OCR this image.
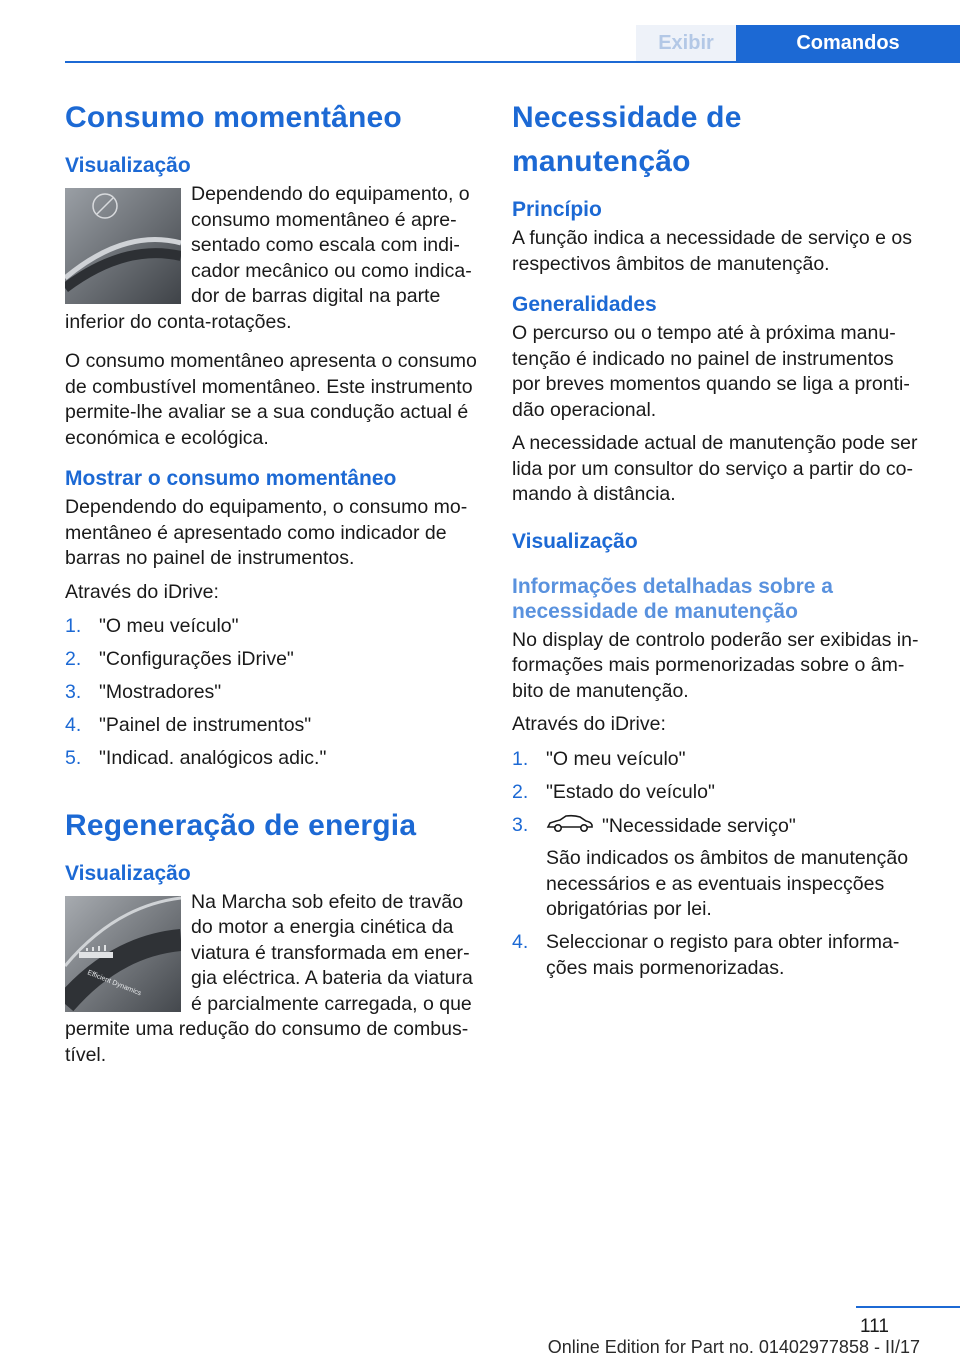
Exibir	Comandos
Consumo momentâneo
Visualização

Dependendo do equipamento, o consumo momentâneo é apresentado como escala com indicador mecânico ou como indicador de barras digital na parte inferior do conta-rotações.

O consumo momentâneo apresenta o consumo de combustível momentâneo. Este instrumento permite-lhe avaliar se a sua condução actual é económica e ecológica.

Mostrar o consumo momentâneo

Dependendo do equipamento, o consumo momentâneo é apresentado como indicador de barras no painel de instrumentos.

Através do iDrive:

1. "O meu veículo"
2. "Configurações iDrive"
3. "Mostradores"
4. "Painel de instrumentos"
5. "Indicad. analógicos adic."
Regeneração de energia
Visualização
Efficient Dynamics

Na Marcha sob efeito de travão do motor a energia cinética da viatura é transformada em energia eléctrica. A bateria da viatura é parcialmente carregada, o que permite uma redução do consumo de combustível.

Necessidade de manutenção
Princípio

A função indica a necessidade de serviço e os respectivos âmbitos de manutenção.

Generalidades

O percurso ou o tempo até à próxima manutenção é indicado no painel de instrumentos por breves momentos quando se liga a prontidão operacional.

A necessidade actual de manutenção pode ser lida por um consultor do serviço a partir do comando à distância.

Visualização
Informações detalhadas sobre a necessidade de manutenção

No display de controlo poderão ser exibidas informações mais pormenorizadas sobre o âmbito de manutenção.

Através do iDrive:

1. "O meu veículo"
2. "Estado do veículo"
3.	"Necessidade serviço"
São indicados os âmbitos de manutenção necessários e as eventuais inspecções obrigatórias por lei.
4. Seleccionar o registo para obter informações mais pormenorizadas.
111
Online Edition for Part no. 01402977858 - II/17
